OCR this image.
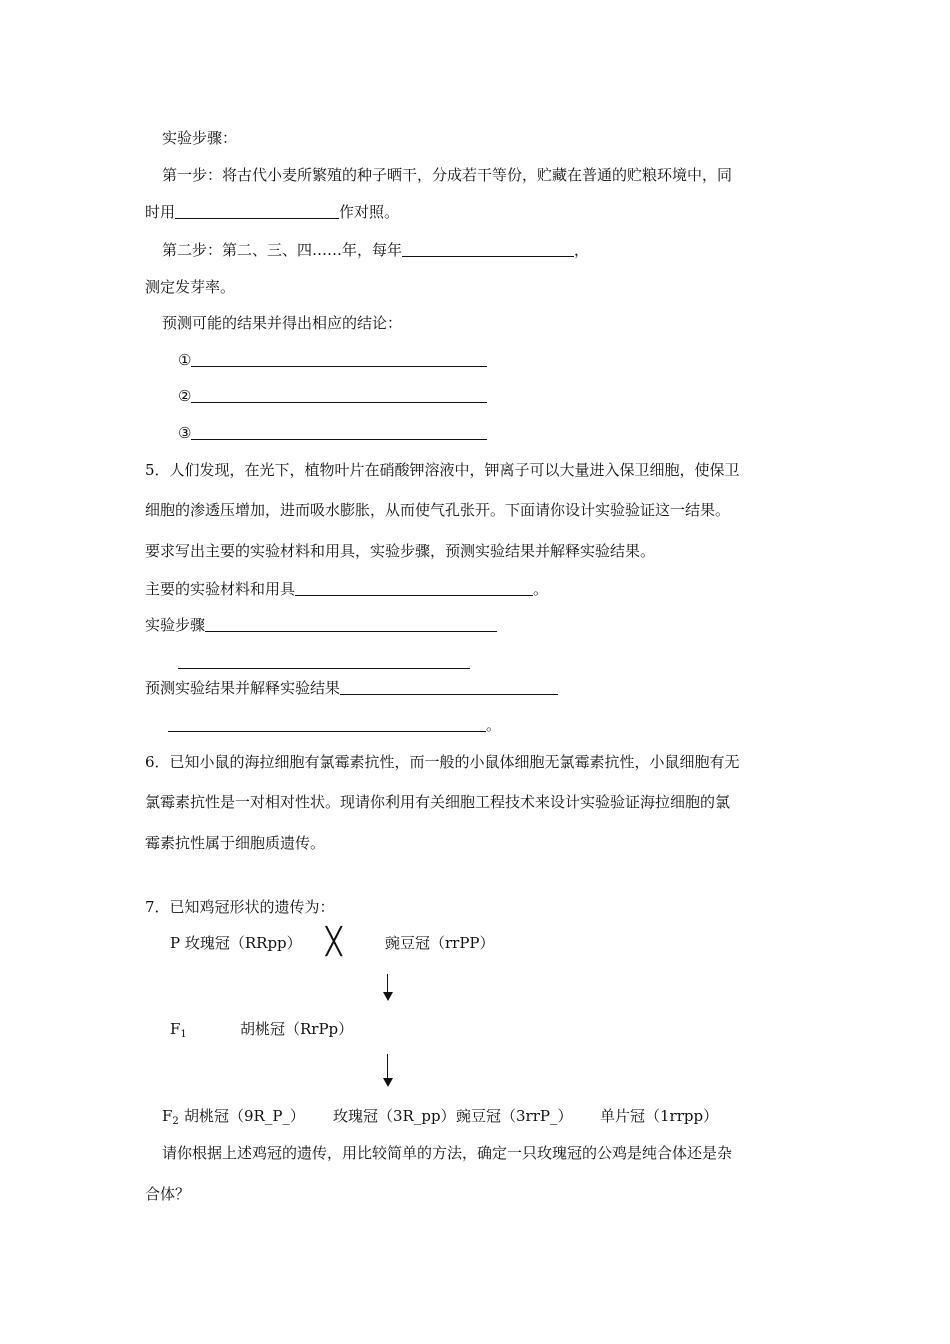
实验步骤：
第一步：将古代小麦所繁殖的种子晒干，分成若干等份，贮藏在普通的贮粮环境中，同
时用	作对照。
第二步：第二、三、四……年，每年	，
测定发芽率。
预测可能的结果并得出相应的结论：
①
②
③
5．人们发现，在光下，植物叶片在硝酸钾溶液中，钾离子可以大量进入保卫细胞，使保卫
细胞的渗透压增加，进而吸水膨胀，从而使气孔张开。下面请你设计实验验证这一结果。
要求写出主要的实验材料和用具，实验步骤，预测实验结果并解释实验结果。
主要的实验材料和用具	。
实验步骤
预测实验结果并解释实验结果
。
6．已知小鼠的海拉细胞有氯霉素抗性，而一般的小鼠体细胞无氯霉素抗性，小鼠细胞有无
氯霉素抗性是一对相对性状。现请你利用有关细胞工程技术来设计实验验证海拉细胞的氯
霉素抗性属于细胞质遗传。
7．已知鸡冠形状的遗传为：
P 玫瑰冠（RRpp） ╳	豌豆冠（rrPP）
$F_1$	胡桃冠（RrPp）
$F_2$ 胡桃冠（9R_P_） 玫瑰冠（3R_pp） 豌豆冠（3rrP_） 单片冠（1rrpp）
请你根据上述鸡冠的遗传，用比较简单的方法，确定一只玫瑰冠的公鸡是纯合体还是杂
合体？
